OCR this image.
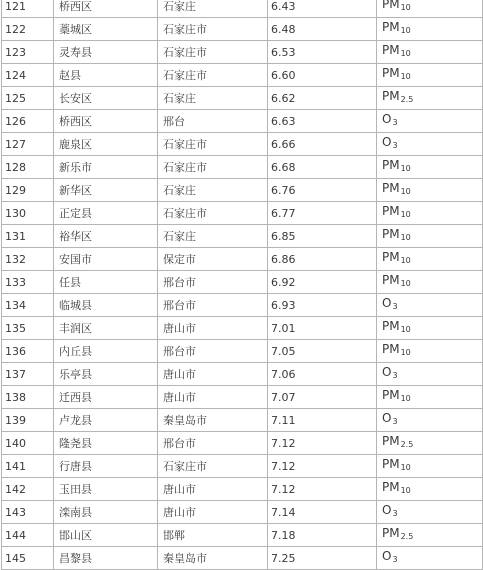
121	桥西区	石家庄	6.43	$PM_{10}$
122	藁城区	石家庄市	6.48	$PM_{10}$
123	灵寿县	石家庄市	6.53	$PM_{10}$
124	赵县	石家庄市	6.60	$PM_{10}$
125	长安区	石家庄	6.62	$PM_{2.5}$
126	桥西区	邢台	6.63	$O_3$
127	鹿泉区	石家庄市	6.66	$O_3$
128	新乐市	石家庄市	6.68	$PM_{10}$
129	新华区	石家庄	6.76	$PM_{10}$
130	正定县	石家庄市	6.77	$PM_{10}$
131	裕华区	石家庄	6.85	$PM_{10}$
132	安国市	保定市	6.86	$PM_{10}$
133	任县	邢台市	6.92	$PM_{10}$
134	临城县	邢台市	6.93	$O_3$
135	丰润区	唐山市	7.01	$PM_{10}$
136	内丘县	邢台市	7.05	$PM_{10}$
137	乐亭县	唐山市	7.06	$O_3$
138	迁西县	唐山市	7.07	$PM_{10}$
139	卢龙县	秦皇岛市	7.11	$O_3$
140	隆尧县	邢台市	7.12	$PM_{2.5}$
141	行唐县	石家庄市	7.12	$PM_{10}$
142	玉田县	唐山市	7.12	$PM_{10}$
143	滦南县	唐山市	7.14	$O_3$
144	邯山区	邯郸	7.18	$PM_{2.5}$
145	昌黎县	秦皇岛市	7.25	$O_3$
